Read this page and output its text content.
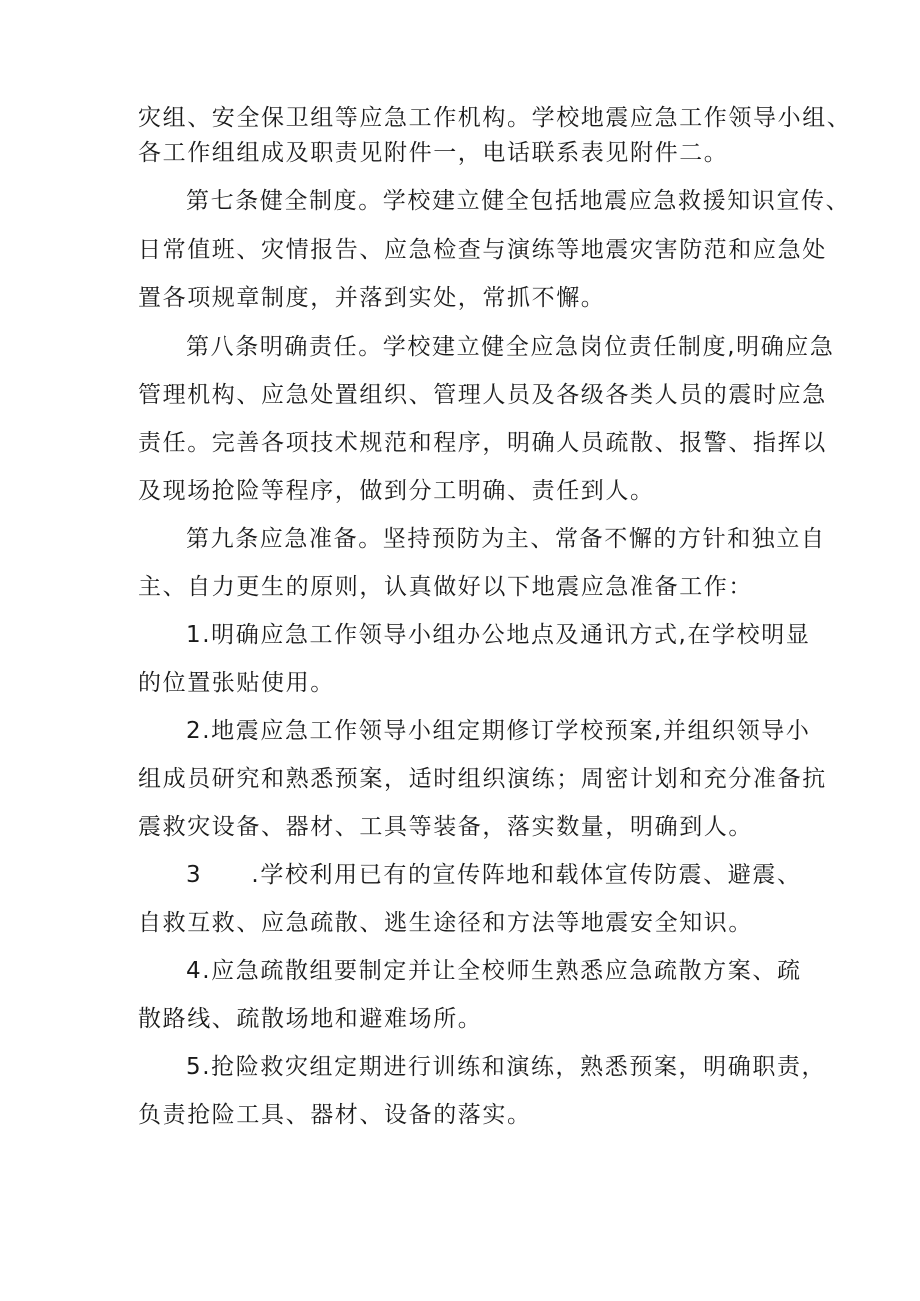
灾组、安全保卫组等应急工作机构。学校地震应急工作领导小组、
各工作组组成及职责见附件一，电话联系表见附件二。
第七条健全制度。学校建立健全包括地震应急救援知识宣传、
日常值班、灾情报告、应急检查与演练等地震灾害防范和应急处
置各项规章制度，并落到实处，常抓不懈。
第八条明确责任。学校建立健全应急岗位责任制度,明确应急
管理机构、应急处置组织、管理人员及各级各类人员的震时应急
责任。完善各项技术规范和程序，明确人员疏散、报警、指挥以
及现场抢险等程序，做到分工明确、责任到人。
第九条应急准备。坚持预防为主、常备不懈的方针和独立自
主、自力更生的原则，认真做好以下地震应急准备工作：
1.明确应急工作领导小组办公地点及通讯方式,在学校明显
的位置张贴使用。
2.地震应急工作领导小组定期修订学校预案,并组织领导小
组成员研究和熟悉预案，适时组织演练；周密计划和充分准备抗
震救灾设备、器材、工具等装备，落实数量，明确到人。
3　　.学校利用已有的宣传阵地和载体宣传防震、避震、
自救互救、应急疏散、逃生途径和方法等地震安全知识。
4.应急疏散组要制定并让全校师生熟悉应急疏散方案、疏
散路线、疏散场地和避难场所。
5.抢险救灾组定期进行训练和演练，熟悉预案，明确职责，
负责抢险工具、器材、设备的落实。
